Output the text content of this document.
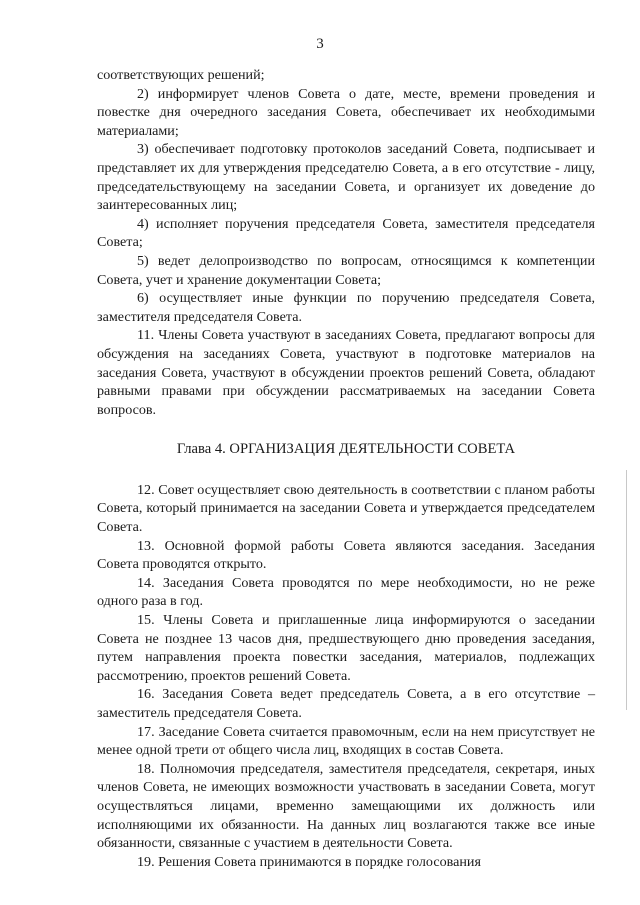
3

соответствующих решений;

2) информирует членов Совета о дате, месте, времени проведения и повестке дня очередного заседания Совета, обеспечивает их необходимыми материалами;

3) обеспечивает подготовку протоколов заседаний Совета, подписывает и представляет их для утверждения председателю Совета, а в его отсутствие - лицу, председательствующему на заседании Совета, и организует их доведение до заинтересованных лиц;

4) исполняет поручения председателя Совета, заместителя председателя Совета;

5) ведет делопроизводство по вопросам, относящимся к компетенции Совета, учет и хранение документации Совета;

6) осуществляет иные функции по поручению председателя Совета, заместителя председателя Совета.

11. Члены Совета участвуют в заседаниях Совета, предлагают вопросы для обсуждения на заседаниях Совета, участвуют в подготовке материалов на заседания Совета, участвуют в обсуждении проектов решений Совета, обладают равными правами при обсуждении рассматриваемых на заседании Совета вопросов.

Глава 4. ОРГАНИЗАЦИЯ ДЕЯТЕЛЬНОСТИ СОВЕТА

12. Совет осуществляет свою деятельность в соответствии с планом работы Совета, который принимается на заседании Совета и утверждается председателем Совета.

13. Основной формой работы Совета являются заседания. Заседания Совета проводятся открыто.

14. Заседания Совета проводятся по мере необходимости, но не реже одного раза в год.

15. Члены Совета и приглашенные лица информируются о заседании Совета не позднее 13 часов дня, предшествующего дню проведения заседания, путем направления проекта повестки заседания, материалов, подлежащих рассмотрению, проектов решений Совета.

16. Заседания Совета ведет председатель Совета, а в его отсутствие – заместитель председателя Совета.

17. Заседание Совета считается правомочным, если на нем присутствует не менее одной трети от общего числа лиц, входящих в состав Совета.

18. Полномочия председателя, заместителя председателя, секретаря, иных членов Совета, не имеющих возможности участвовать в заседании Совета, могут осуществляться лицами, временно замещающими их должность или исполняющими их обязанности. На данных лиц возлагаются также все иные обязанности, связанные с участием в деятельности Совета.

19. Решения Совета принимаются в порядке голосования
